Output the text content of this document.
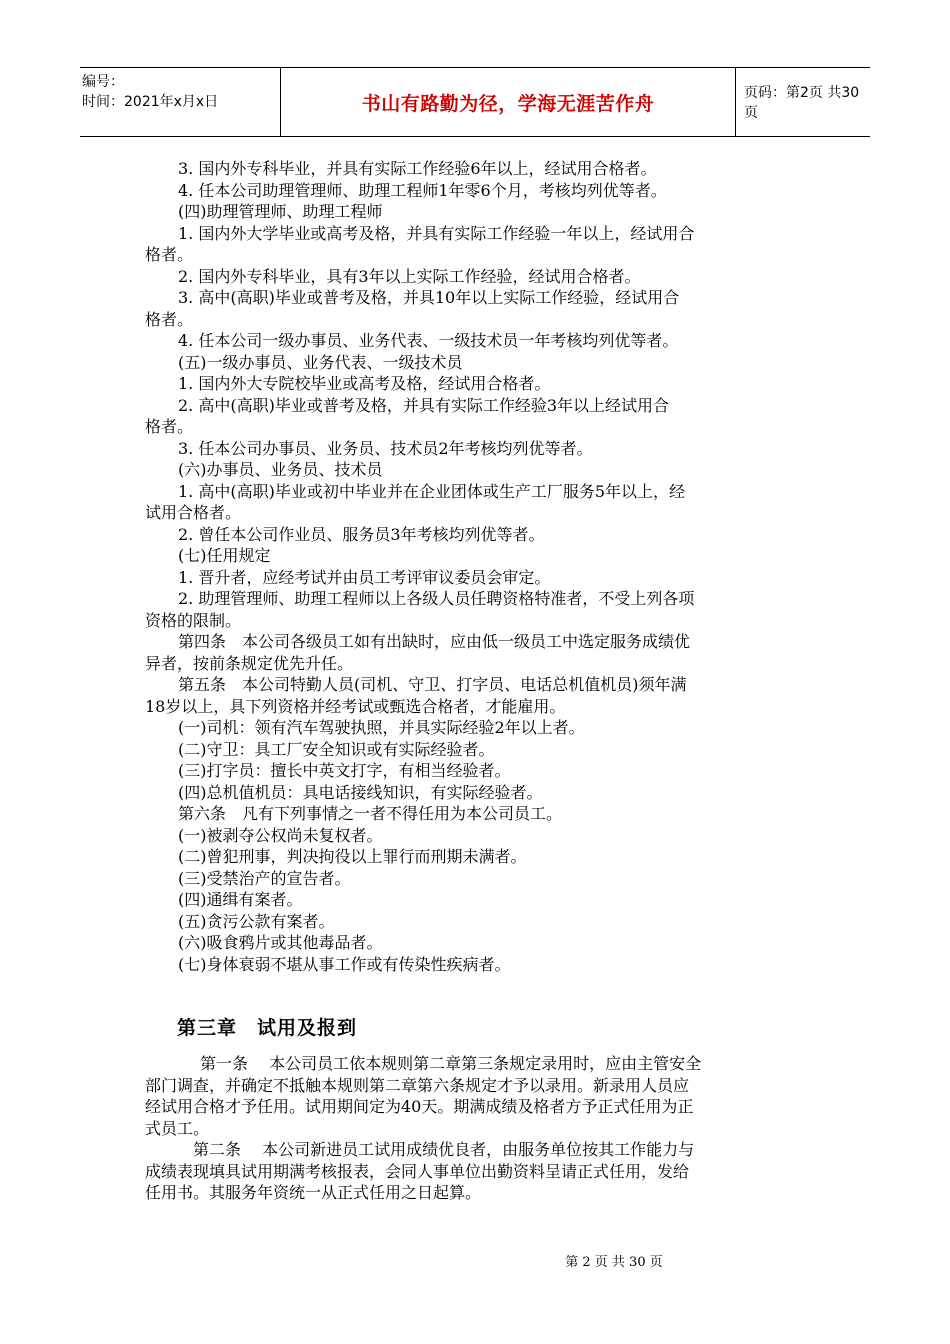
编号：
时间：2021年x月x日	书山有路勤为径，学海无涯苦作舟	页码：第2页 共30页
3. 国内外专科毕业，并具有实际工作经验6年以上，经试用合格者。
4. 任本公司助理管理师、助理工程师1年零6个月，考核均列优等者。
(四)助理管理师、助理工程师
1. 国内外大学毕业或高考及格，并具有实际工作经验一年以上，经试用合
格者。
2. 国内外专科毕业，具有3年以上实际工作经验，经试用合格者。
3. 高中(高职)毕业或普考及格，并具10年以上实际工作经验，经试用合
格者。
4. 任本公司一级办事员、业务代表、一级技术员一年考核均列优等者。
(五)一级办事员、业务代表、一级技术员
1. 国内外大专院校毕业或高考及格，经试用合格者。
2. 高中(高职)毕业或普考及格，并具有实际工作经验3年以上经试用合
格者。
3. 任本公司办事员、业务员、技术员2年考核均列优等者。
(六)办事员、业务员、技术员
1. 高中(高职)毕业或初中毕业并在企业团体或生产工厂服务5年以上，经
试用合格者。
2. 曾任本公司作业员、服务员3年考核均列优等者。
(七)任用规定
1. 晋升者，应经考试并由员工考评审议委员会审定。
2. 助理管理师、助理工程师以上各级人员任聘资格特准者，不受上列各项
资格的限制。
第四条　本公司各级员工如有出缺时，应由低一级员工中选定服务成绩优
异者，按前条规定优先升任。
第五条　本公司特勤人员(司机、守卫、打字员、电话总机值机员)须年满
18岁以上，具下列资格并经考试或甄选合格者，才能雇用。
(一)司机：领有汽车驾驶执照，并具实际经验2年以上者。
(二)守卫：具工厂安全知识或有实际经验者。
(三)打字员：擅长中英文打字，有相当经验者。
(四)总机值机员：具电话接线知识，有实际经验者。
第六条　凡有下列事情之一者不得任用为本公司员工。
(一)被剥夺公权尚未复权者。
(二)曾犯刑事，判决拘役以上罪行而刑期未满者。
(三)受禁治产的宣告者。
(四)通缉有案者。
(五)贪污公款有案者。
(六)吸食鸦片或其他毒品者。
(七)身体衰弱不堪从事工作或有传染性疾病者。
第三章　试用及报到
第一条　 本公司员工依本规则第二章第三条规定录用时，应由主管安全
部门调查，并确定不抵触本规则第二章第六条规定才予以录用。新录用人员应
经试用合格才予任用。试用期间定为40天。期满成绩及格者方予正式任用为正
式员工。
第二条　 本公司新进员工试用成绩优良者，由服务单位按其工作能力与
成绩表现填具试用期满考核报表，会同人事单位出勤资料呈请正式任用，发给
任用书。其服务年资统一从正式任用之日起算。
第 2 页 共 30 页
